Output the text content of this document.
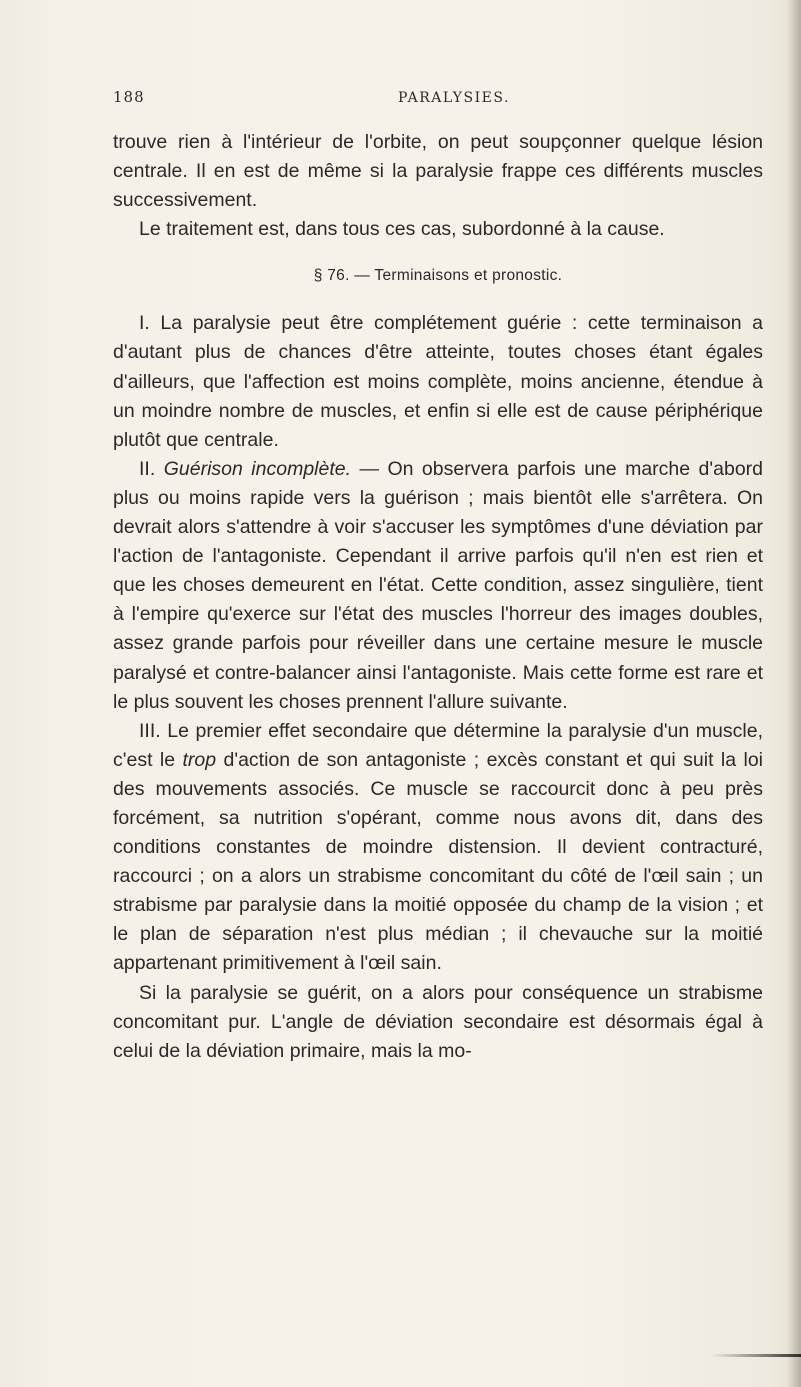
188	PARALYSIES.

trouve rien à l'intérieur de l'orbite, on peut soupçonner quelque lésion centrale. Il en est de même si la paralysie frappe ces différents muscles successivement.

Le traitement est, dans tous ces cas, subordonné à la cause.

§ 76. — Terminaisons et pronostic.

I. La paralysie peut être complétement guérie : cette terminaison a d'autant plus de chances d'être atteinte, toutes choses étant égales d'ailleurs, que l'affection est moins complète, moins ancienne, étendue à un moindre nombre de muscles, et enfin si elle est de cause périphérique plutôt que centrale.

II. Guérison incomplète. — On observera parfois une marche d'abord plus ou moins rapide vers la guérison ; mais bientôt elle s'arrêtera. On devrait alors s'attendre à voir s'accuser les symptômes d'une déviation par l'action de l'antagoniste. Cependant il arrive parfois qu'il n'en est rien et que les choses demeurent en l'état. Cette condition, assez singulière, tient à l'empire qu'exerce sur l'état des muscles l'horreur des images doubles, assez grande parfois pour réveiller dans une certaine mesure le muscle paralysé et contre-balancer ainsi l'antagoniste. Mais cette forme est rare et le plus souvent les choses prennent l'allure suivante.

III. Le premier effet secondaire que détermine la paralysie d'un muscle, c'est le trop d'action de son antagoniste ; excès constant et qui suit la loi des mouvements associés. Ce muscle se raccourcit donc à peu près forcément, sa nutrition s'opérant, comme nous avons dit, dans des conditions constantes de moindre distension. Il devient contracturé, raccourci ; on a alors un strabisme concomitant du côté de l'œil sain ; un strabisme par paralysie dans la moitié opposée du champ de la vision ; et le plan de séparation n'est plus médian ; il chevauche sur la moitié appartenant primitivement à l'œil sain.

Si la paralysie se guérit, on a alors pour conséquence un strabisme concomitant pur. L'angle de déviation secondaire est désormais égal à celui de la déviation primaire, mais la mo-
